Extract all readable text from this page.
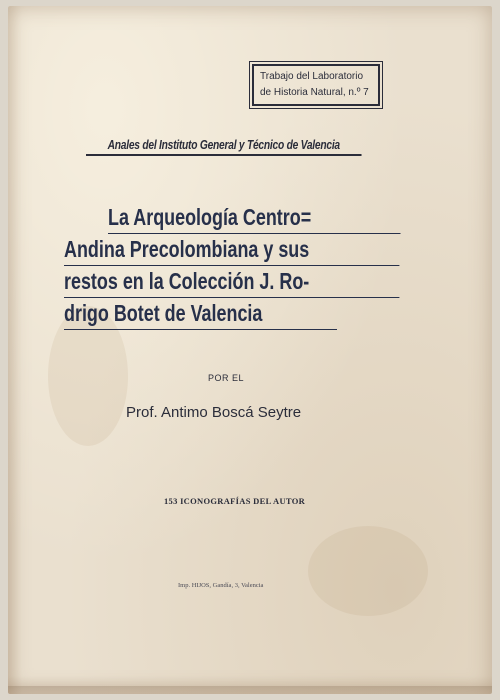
Trabajo del Laboratorio
de Historia Natural, n.º 7
Anales del Instituto General y Técnico de Valencia
La Arqueología Centro=
Andina Precolombiana y sus
restos en la Colección J. Ro-
drigo Botet de Valencia
POR EL
Prof. Antimo Boscá Seytre
153 ICONOGRAFÍAS DEL AUTOR
Imp. HIJOS, Gandía, 3, Valencia
